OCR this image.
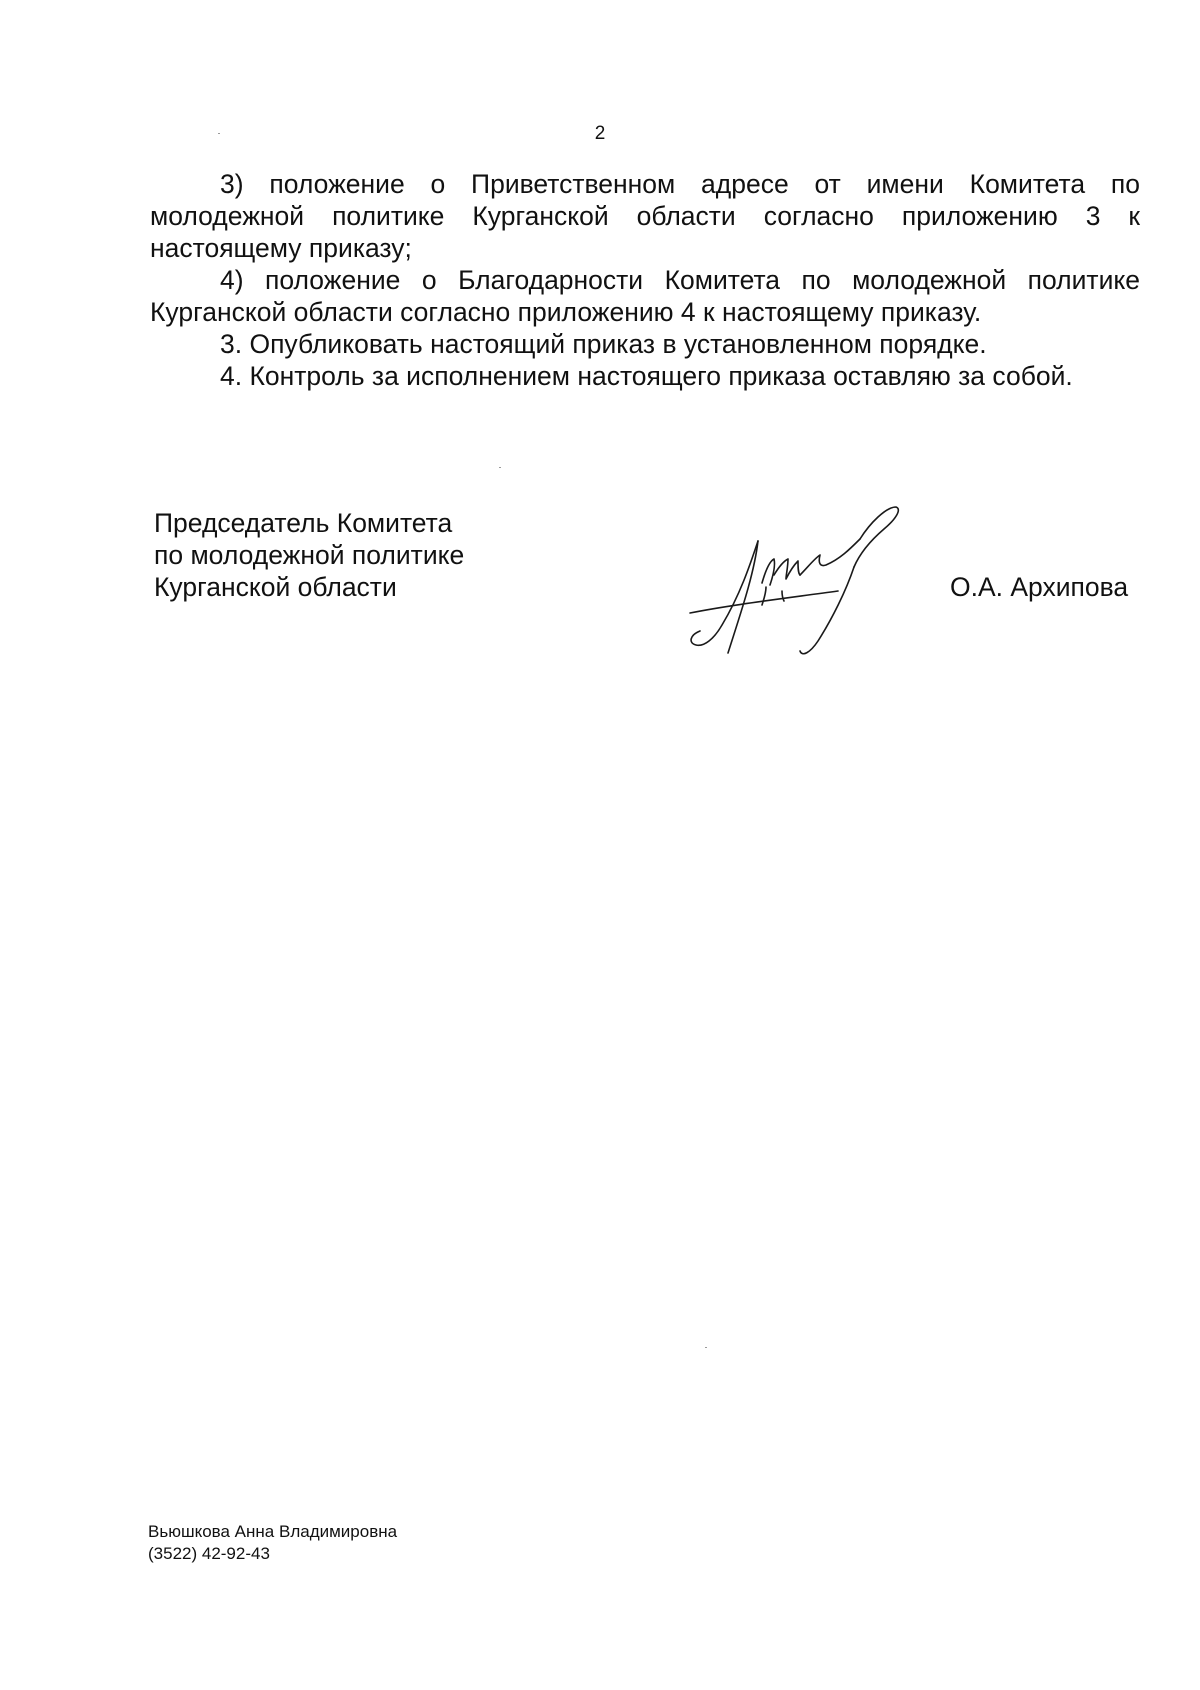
2

3) положение о Приветственном адресе от имени Комитета по молодежной политике Курганской области согласно приложению 3 к настоящему приказу;

4) положение о Благодарности Комитета по молодежной политике Курганской области согласно приложению 4 к настоящему приказу.

3. Опубликовать настоящий приказ в установленном порядке.

4. Контроль за исполнением настоящего приказа оставляю за собой.

Председатель Комитета
по молодежной политике
Курганской области	О.А. Архипова
Вьюшкова Анна Владимировна
(3522) 42-92-43
